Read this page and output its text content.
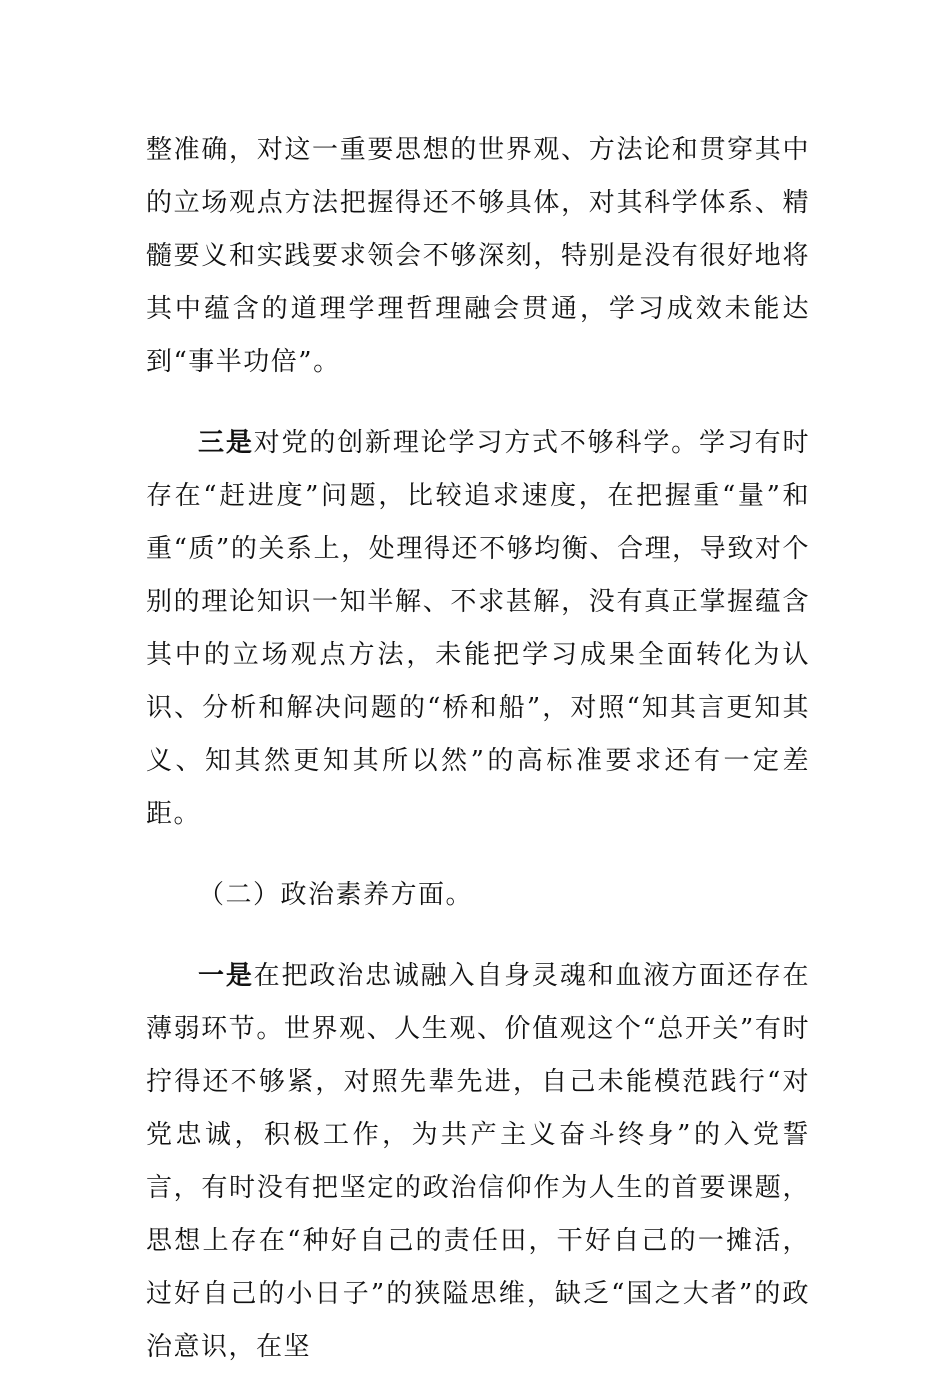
整准确，对这一重要思想的世界观、方法论和贯穿其中的立场观点方法把握得还不够具体，对其科学体系、精髓要义和实践要求领会不够深刻，特别是没有很好地将其中蕴含的道理学理哲理融会贯通，学习成效未能达到“事半功倍”。

三是对党的创新理论学习方式不够科学。学习有时存在“赶进度”问题，比较追求速度，在把握重“量”和重“质”的关系上，处理得还不够均衡、合理，导致对个别的理论知识一知半解、不求甚解，没有真正掌握蕴含其中的立场观点方法，未能把学习成果全面转化为认识、分析和解决问题的“桥和船”，对照“知其言更知其义、知其然更知其所以然”的高标准要求还有一定差距。

（二）政治素养方面。

一是在把政治忠诚融入自身灵魂和血液方面还存在薄弱环节。世界观、人生观、价值观这个“总开关”有时拧得还不够紧，对照先辈先进，自己未能模范践行“对党忠诚，积极工作，为共产主义奋斗终身”的入党誓言，有时没有把坚定的政治信仰作为人生的首要课题，思想上存在“种好自己的责任田，干好自己的一摊活，过好自己的小日子”的狭隘思维，缺乏“国之大者”的政治意识，在坚
